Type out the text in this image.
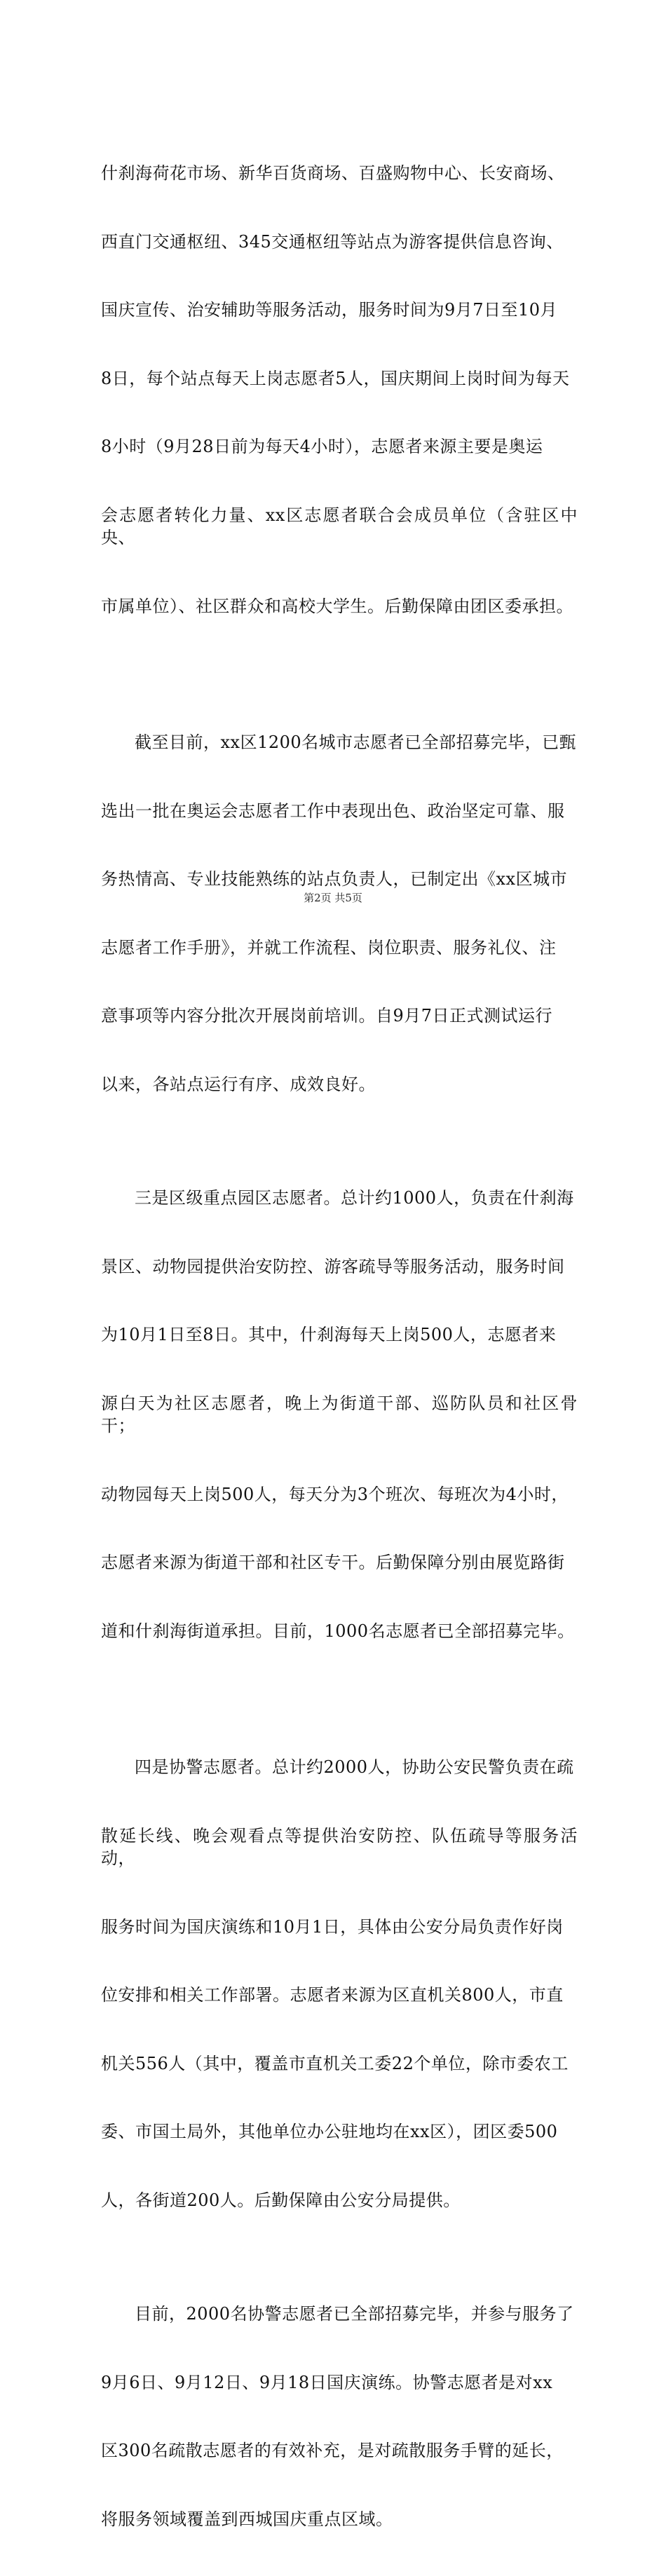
什刹海荷花市场、新华百货商场、百盛购物中心、长安商场、

西直门交通枢纽、345交通枢纽等站点为游客提供信息咨询、

国庆宣传、治安辅助等服务活动，服务时间为9月7日至10月

8日，每个站点每天上岗志愿者5人，国庆期间上岗时间为每天

8小时（9月28日前为每天4小时），志愿者来源主要是奥运

会志愿者转化力量、xx区志愿者联合会成员单位（含驻区中央、

市属单位）、社区群众和高校大学生。后勤保障由团区委承担。

截至目前，xx区1200名城市志愿者已全部招募完毕，已甄

选出一批在奥运会志愿者工作中表现出色、政治坚定可靠、服

务热情高、专业技能熟练的站点负责人，已制定出《xx区城市

志愿者工作手册》，并就工作流程、岗位职责、服务礼仪、注

意事项等内容分批次开展岗前培训。自9月7日正式测试运行

以来，各站点运行有序、成效良好。

三是区级重点园区志愿者。总计约1000人，负责在什刹海

景区、动物园提供治安防控、游客疏导等服务活动，服务时间

为10月1日至8日。其中，什刹海每天上岗500人，志愿者来

源白天为社区志愿者，晚上为街道干部、巡防队员和社区骨干；

动物园每天上岗500人，每天分为3个班次、每班次为4小时，

志愿者来源为街道干部和社区专干。后勤保障分别由展览路街

道和什刹海街道承担。目前，1000名志愿者已全部招募完毕。

四是协警志愿者。总计约2000人，协助公安民警负责在疏

散延长线、晚会观看点等提供治安防控、队伍疏导等服务活动，

服务时间为国庆演练和10月1日，具体由公安分局负责作好岗

位安排和相关工作部署。志愿者来源为区直机关800人，市直

机关556人（其中，覆盖市直机关工委22个单位，除市委农工

委、市国土局外，其他单位办公驻地均在xx区），团区委500

人，各街道200人。后勤保障由公安分局提供。

目前，2000名协警志愿者已全部招募完毕，并参与服务了

9月6日、9月12日、9月18日国庆演练。协警志愿者是对xx

区300名疏散志愿者的有效补充，是对疏散服务手臂的延长，

将服务领域覆盖到西城国庆重点区域。

第2页 共5页
